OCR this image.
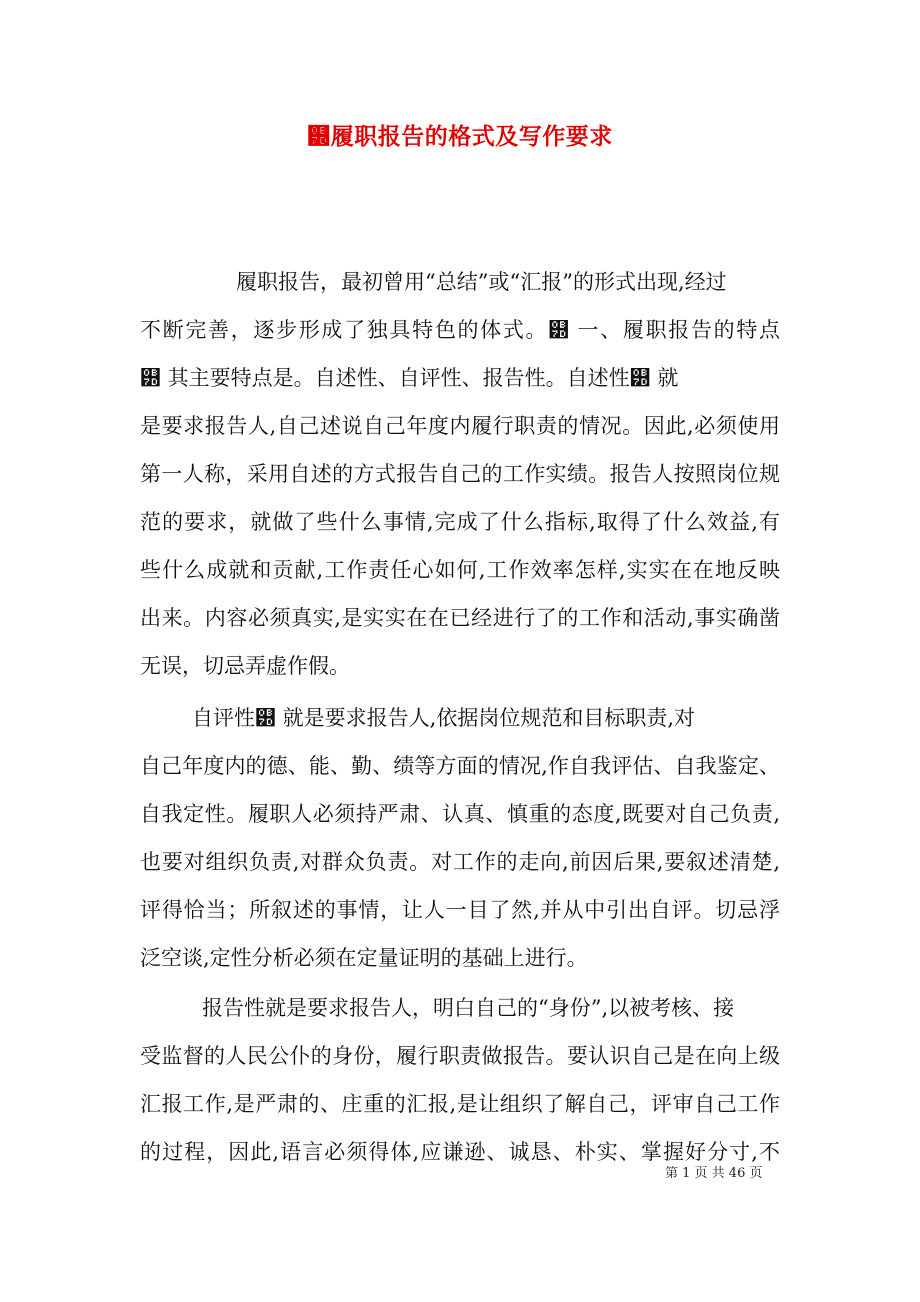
୽履职报告的格式及写作要求
履职报告，最初曾用“总结”或“汇报”的形式出现,经过
不断完善，逐步形成了独具特色的体式。୽ 一、履职报告的特点
୽ 其主要特点是。自述性、自评性、报告性。自述性୽ 就
是要求报告人,自己述说自己年度内履行职责的情况。因此,必须使用
第一人称，采用自述的方式报告自己的工作实绩。报告人按照岗位规
范的要求，就做了些什么事情,完成了什么指标,取得了什么效益,有
些什么成就和贡献,工作责任心如何,工作效率怎样,实实在在地反映
出来。内容必须真实,是实实在在已经进行了的工作和活动,事实确凿
无误，切忌弄虚作假。
自评性୽ 就是要求报告人,依据岗位规范和目标职责,对
自己年度内的德、能、勤、绩等方面的情况,作自我评估、自我鉴定、
自我定性。履职人必须持严肃、认真、慎重的态度,既要对自己负责,
也要对组织负责,对群众负责。对工作的走向,前因后果,要叙述清楚,
评得恰当；所叙述的事情，让人一目了然,并从中引出自评。切忌浮
泛空谈,定性分析必须在定量证明的基础上进行。
报告性就是要求报告人，明白自己的“身份”,以被考核、接
受监督的人民公仆的身份，履行职责做报告。要认识自己是在向上级
汇报工作,是严肃的、庄重的汇报,是让组织了解自己，评审自己工作
的过程，因此,语言必须得体,应谦逊、诚恳、朴实、掌握好分寸,不
第 1 页 共 46 页
